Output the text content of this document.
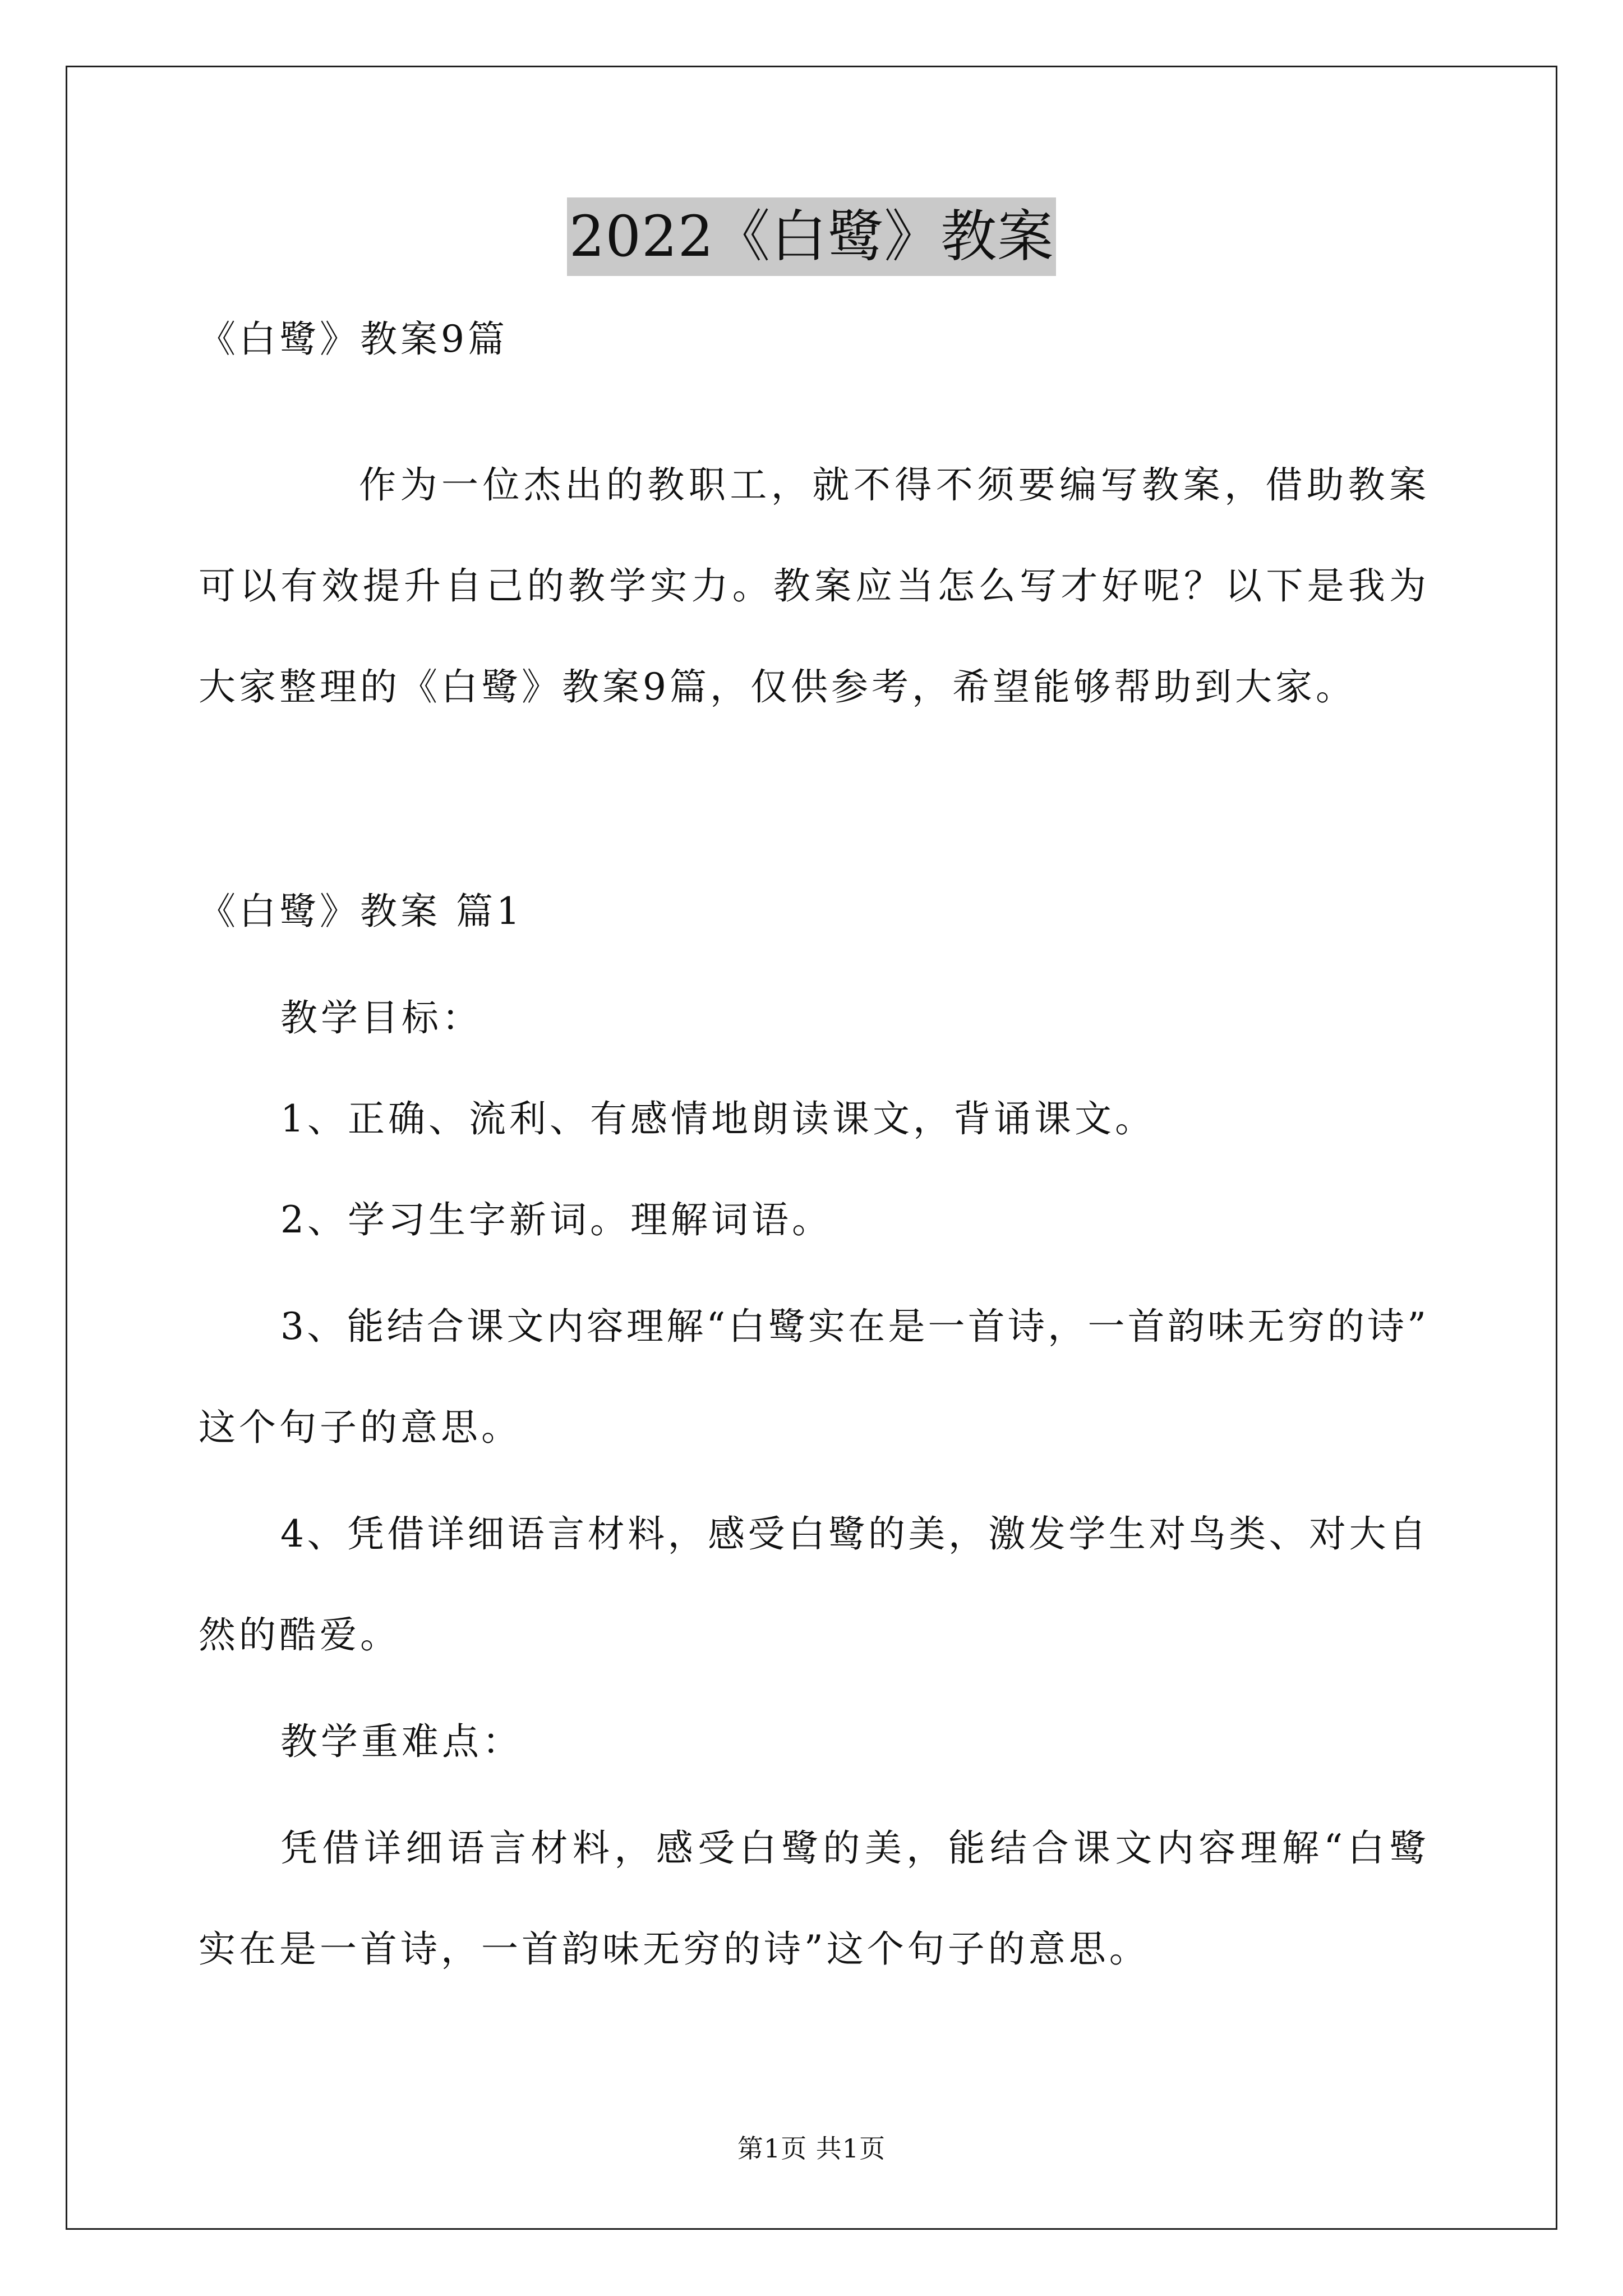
2022《白鹭》教案
《白鹭》教案9篇
作为一位杰出的教职工，就不得不须要编写教案，借助教案
可以有效提升自己的教学实力。教案应当怎么写才好呢？以下是我为
大家整理的《白鹭》教案9篇，仅供参考，希望能够帮助到大家。
《白鹭》教案 篇1
教学目标：
1、正确、流利、有感情地朗读课文，背诵课文。
2、学习生字新词。理解词语。
3、能结合课文内容理解“白鹭实在是一首诗，一首韵味无穷的诗”
这个句子的意思。
4、凭借详细语言材料，感受白鹭的美，激发学生对鸟类、对大自
然的酷爱。
教学重难点：
凭借详细语言材料，感受白鹭的美，能结合课文内容理解“白鹭
实在是一首诗，一首韵味无穷的诗”这个句子的意思。
第1页 共1页
